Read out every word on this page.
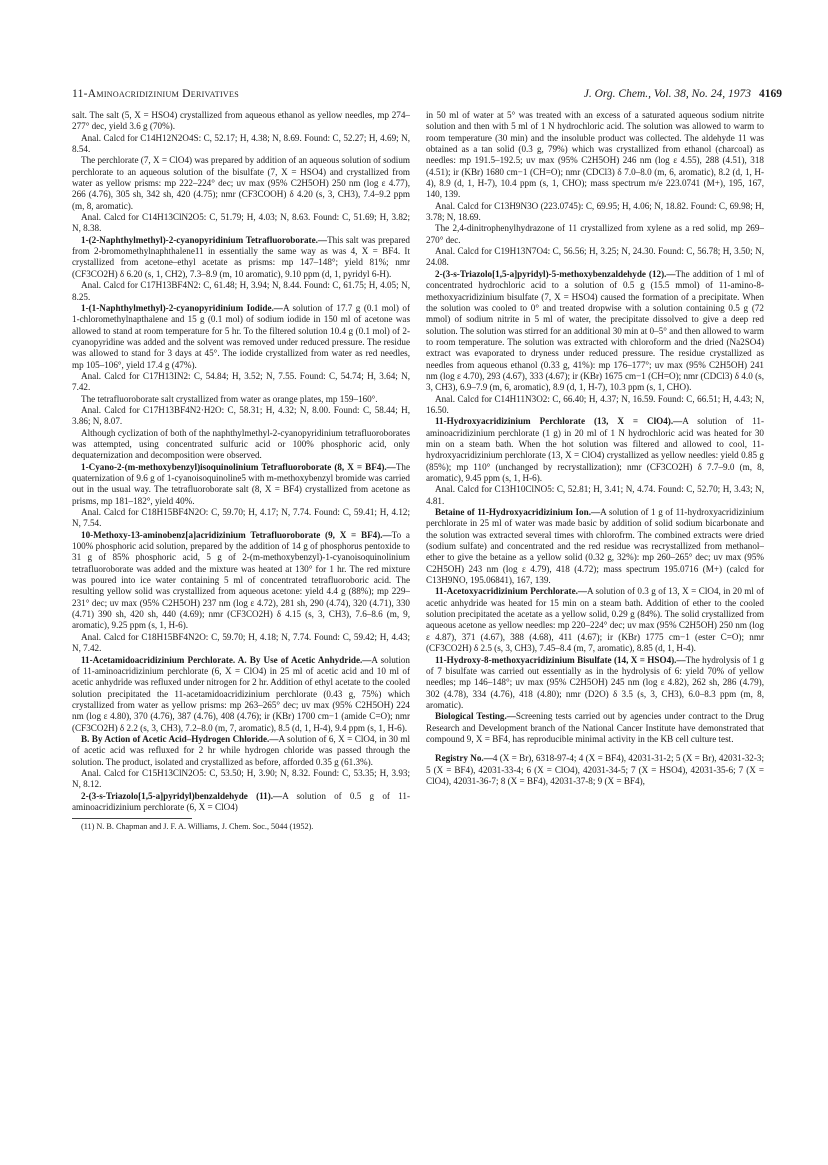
11-Aminoacridizinium Derivatives	J. Org. Chem., Vol. 38, No. 24, 1973 4169

salt. The salt (5, X = HSO4) crystallized from aqueous ethanol as yellow needles, mp 274–277° dec, yield 3.6 g (70%).

Anal. Calcd for C14H12N2O4S: C, 52.17; H, 4.38; N, 8.69. Found: C, 52.27; H, 4.69; N, 8.54.

The perchlorate (7, X = ClO4) was prepared by addition of an aqueous solution of sodium perchlorate to an aqueous solution of the bisulfate (7, X = HSO4) and crystallized from water as yellow prisms: mp 222–224° dec; uv max (95% C2H5OH) 250 nm (log ε 4.77), 266 (4.76), 305 sh, 342 sh, 420 (4.75); nmr (CF3COOH) δ 4.20 (s, 3, CH3), 7.4–9.2 ppm (m, 8, aromatic).

Anal. Calcd for C14H13ClN2O5: C, 51.79; H, 4.03; N, 8.63. Found: C, 51.69; H, 3.82; N, 8.38.

1-(2-Naphthylmethyl)-2-cyanopyridinium Tetrafluoroborate.—This salt was prepared from 2-bromomethylnaphthalene11 in essentially the same way as was 4, X = BF4. It crystallized from acetone–ethyl acetate as prisms: mp 147–148°; yield 81%; nmr (CF3CO2H) δ 6.20 (s, 1, CH2), 7.3–8.9 (m, 10 aromatic), 9.10 ppm (d, 1, pyridyl 6-H).

Anal. Calcd for C17H13BF4N2: C, 61.48; H, 3.94; N, 8.44. Found: C, 61.75; H, 4.05; N, 8.25.

1-(1-Naphthylmethyl)-2-cyanopyridinium Iodide.—A solution of 17.7 g (0.1 mol) of 1-chloromethylnapthalene and 15 g (0.1 mol) of sodium iodide in 150 ml of acetone was allowed to stand at room temperature for 5 hr. To the filtered solution 10.4 g (0.1 mol) of 2-cyanopyridine was added and the solvent was removed under reduced pressure. The residue was allowed to stand for 3 days at 45°. The iodide crystallized from water as red needles, mp 105–106°, yield 17.4 g (47%).

Anal. Calcd for C17H13IN2: C, 54.84; H, 3.52; N, 7.55. Found: C, 54.74; H, 3.64; N, 7.42.

The tetrafluoroborate salt crystallized from water as orange plates, mp 159–160°.

Anal. Calcd for C17H13BF4N2·H2O: C, 58.31; H, 4.32; N, 8.00. Found: C, 58.44; H, 3.86; N, 8.07.

Although cyclization of both of the naphthylmethyl-2-cyanopyridinium tetrafluoroborates was attempted, using concentrated sulfuric acid or 100% phosphoric acid, only dequaternization and decomposition were observed.

1-Cyano-2-(m-methoxybenzyl)isoquinolinium Tetrafluoroborate (8, X = BF4).—The quaternization of 9.6 g of 1-cyanoisoquinoline5 with m-methoxybenzyl bromide was carried out in the usual way. The tetrafluoroborate salt (8, X = BF4) crystallized from acetone as prisms, mp 181–182°, yield 40%.

Anal. Calcd for C18H15BF4N2O: C, 59.70; H, 4.17; N, 7.74. Found: C, 59.41; H, 4.12; N, 7.54.

10-Methoxy-13-aminobenz[a]acridizinium Tetrafluoroborate (9, X = BF4).—To a 100% phosphoric acid solution, prepared by the addition of 14 g of phosphorus pentoxide to 31 g of 85% phosphoric acid, 5 g of 2-(m-methoxybenzyl)-1-cyanoisoquinolinium tetrafluoroborate was added and the mixture was heated at 130° for 1 hr. The red mixture was poured into ice water containing 5 ml of concentrated tetrafluoroboric acid. The resulting yellow solid was crystallized from aqueous acetone: yield 4.4 g (88%); mp 229–231° dec; uv max (95% C2H5OH) 237 nm (log ε 4.72), 281 sh, 290 (4.74), 320 (4.71), 330 (4.71) 390 sh, 420 sh, 440 (4.69); nmr (CF3CO2H) δ 4.15 (s, 3, CH3), 7.6–8.6 (m, 9, aromatic), 9.25 ppm (s, 1, H-6).

Anal. Calcd for C18H15BF4N2O: C, 59.70; H, 4.18; N, 7.74. Found: C, 59.42; H, 4.43; N, 7.42.

11-Acetamidoacridizinium Perchlorate. A. By Use of Acetic Anhydride.—A solution of 11-aminoacridizinium perchlorate (6, X = ClO4) in 25 ml of acetic acid and 10 ml of acetic anhydride was refluxed under nitrogen for 2 hr. Addition of ethyl acetate to the cooled solution precipitated the 11-acetamidoacridizinium perchlorate (0.43 g, 75%) which crystallized from water as yellow prisms: mp 263–265° dec; uv max (95% C2H5OH) 224 nm (log ε 4.80), 370 (4.76), 387 (4.76), 408 (4.76); ir (KBr) 1700 cm−1 (amide C=O); nmr (CF3CO2H) δ 2.2 (s, 3, CH3), 7.2–8.0 (m, 7, aromatic), 8.5 (d, 1, H-4), 9.4 ppm (s, 1, H-6).

B. By Action of Acetic Acid–Hydrogen Chloride.—A solution of 6, X = ClO4, in 30 ml of acetic acid was refluxed for 2 hr while hydrogen chloride was passed through the solution. The product, isolated and crystallized as before, afforded 0.35 g (61.3%).

Anal. Calcd for C15H13ClN2O5: C, 53.50; H, 3.90; N, 8.32. Found: C, 53.35; H, 3.93; N, 8.12.

2-(3-s-Triazolo[1,5-a]pyridyl)benzaldehyde (11).—A solution of 0.5 g of 11-aminoacridizinium perchlorate (6, X = ClO4)

(11) N. B. Chapman and J. F. A. Williams, J. Chem. Soc., 5044 (1952).

in 50 ml of water at 5° was treated with an excess of a saturated aqueous sodium nitrite solution and then with 5 ml of 1 N hydrochloric acid. The solution was allowed to warm to room temperature (30 min) and the insoluble product was collected. The aldehyde 11 was obtained as a tan solid (0.3 g, 79%) which was crystallized from ethanol (charcoal) as needles: mp 191.5–192.5; uv max (95% C2H5OH) 246 nm (log ε 4.55), 288 (4.51), 318 (4.51); ir (KBr) 1680 cm−1 (CH=O); nmr (CDCl3) δ 7.0–8.0 (m, 6, aromatic), 8.2 (d, 1, H-4), 8.9 (d, 1, H-7), 10.4 ppm (s, 1, CHO); mass spectrum m/e 223.0741 (M+), 195, 167, 140, 139.

Anal. Calcd for C13H9N3O (223.0745): C, 69.95; H, 4.06; N, 18.82. Found: C, 69.98; H, 3.78; N, 18.69.

The 2,4-dinitrophenylhydrazone of 11 crystallized from xylene as a red solid, mp 269–270° dec.

Anal. Calcd for C19H13N7O4: C, 56.56; H, 3.25; N, 24.30. Found: C, 56.78; H, 3.50; N, 24.08.

2-(3-s-Triazolo[1,5-a]pyridyl)-5-methoxybenzaldehyde (12).—The addition of 1 ml of concentrated hydrochloric acid to a solution of 0.5 g (15.5 mmol) of 11-amino-8-methoxyacridizinium bisulfate (7, X = HSO4) caused the formation of a precipitate. When the solution was cooled to 0° and treated dropwise with a solution containing 0.5 g (72 mmol) of sodium nitrite in 5 ml of water, the precipitate dissolved to give a deep red solution. The solution was stirred for an additional 30 min at 0–5° and then allowed to warm to room temperature. The solution was extracted with chloroform and the dried (Na2SO4) extract was evaporated to dryness under reduced pressure. The residue crystallized as needles from aqueous ethanol (0.33 g, 41%): mp 176–177°; uv max (95% C2H5OH) 241 nm (log ε 4.70), 293 (4.67), 333 (4.67); ir (KBr) 1675 cm−1 (CH=O); nmr (CDCl3) δ 4.0 (s, 3, CH3), 6.9–7.9 (m, 6, aromatic), 8.9 (d, 1, H-7), 10.3 ppm (s, 1, CHO).

Anal. Calcd for C14H11N3O2: C, 66.40; H, 4.37; N, 16.59. Found: C, 66.51; H, 4.43; N, 16.50.

11-Hydroxyacridizinium Perchlorate (13, X = ClO4).—A solution of 11-aminoacridizinium perchlorate (1 g) in 20 ml of 1 N hydrochloric acid was heated for 30 min on a steam bath. When the hot solution was filtered and allowed to cool, 11-hydroxyacridizinium perchlorate (13, X = ClO4) crystallized as yellow needles: yield 0.85 g (85%); mp 110° (unchanged by recrystallization); nmr (CF3CO2H) δ 7.7–9.0 (m, 8, aromatic), 9.45 ppm (s, 1, H-6).

Anal. Calcd for C13H10ClNO5: C, 52.81; H, 3.41; N, 4.74. Found: C, 52.70; H, 3.43; N, 4.81.

Betaine of 11-Hydroxyacridizinium Ion.—A solution of 1 g of 11-hydroxyacridizinium perchlorate in 25 ml of water was made basic by addition of solid sodium bicarbonate and the solution was extracted several times with chlorofrm. The combined extracts were dried (sodium sulfate) and concentrated and the red residue was recrystallized from methanol–ether to give the betaine as a yellow solid (0.32 g, 32%): mp 260–265° dec; uv max (95% C2H5OH) 243 nm (log ε 4.79), 418 (4.72); mass spectrum 195.0716 (M+) (calcd for C13H9NO, 195.06841), 167, 139.

11-Acetoxyacridizinium Perchlorate.—A solution of 0.3 g of 13, X = ClO4, in 20 ml of acetic anhydride was heated for 15 min on a steam bath. Addition of ether to the cooled solution precipitated the acetate as a yellow solid, 0.29 g (84%). The solid crystallized from aqueous acetone as yellow needles: mp 220–224° dec; uv max (95% C2H5OH) 250 nm (log ε 4.87), 371 (4.67), 388 (4.68), 411 (4.67); ir (KBr) 1775 cm−1 (ester C=O); nmr (CF3CO2H) δ 2.5 (s, 3, CH3), 7.45–8.4 (m, 7, aromatic), 8.85 (d, 1, H-4).

11-Hydroxy-8-methoxyacridizinium Bisulfate (14, X = HSO4).—The hydrolysis of 1 g of 7 bisulfate was carried out essentially as in the hydrolysis of 6: yield 70% of yellow needles; mp 146–148°; uv max (95% C2H5OH) 245 nm (log ε 4.82), 262 sh, 286 (4.79), 302 (4.78), 334 (4.76), 418 (4.80); nmr (D2O) δ 3.5 (s, 3, CH3), 6.0–8.3 ppm (m, 8, aromatic).

Biological Testing.—Screening tests carried out by agencies under contract to the Drug Research and Development branch of the National Cancer Institute have demonstrated that compound 9, X = BF4, has reproducible minimal activity in the KB cell culture test.

Registry No.—4 (X = Br), 6318-97-4; 4 (X = BF4), 42031-31-2; 5 (X = Br), 42031-32-3; 5 (X = BF4), 42031-33-4; 6 (X = ClO4), 42031-34-5; 7 (X = HSO4), 42031-35-6; 7 (X = ClO4), 42031-36-7; 8 (X = BF4), 42031-37-8; 9 (X = BF4),
